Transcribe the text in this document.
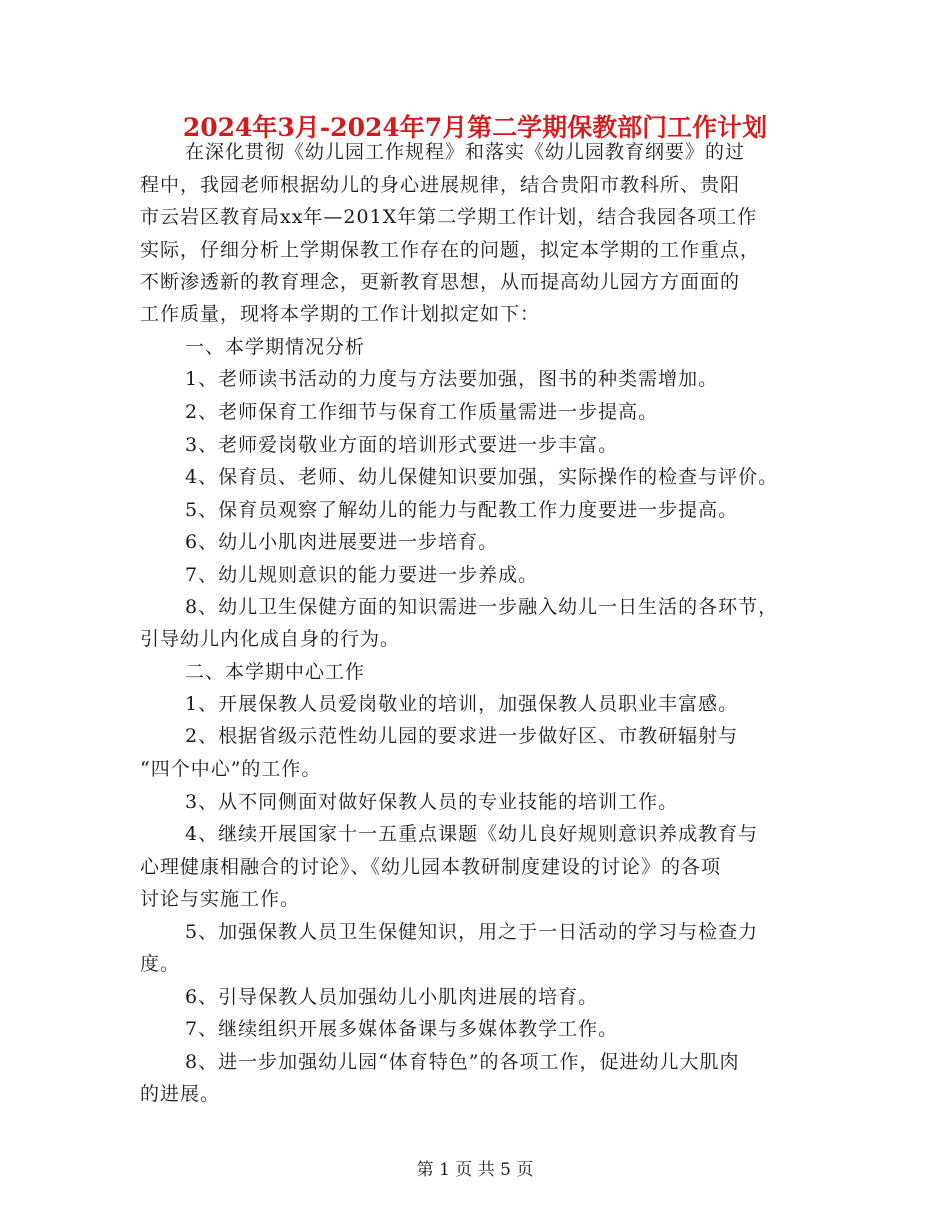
2024年3月-2024年7月第二学期保教部门工作计划
在深化贯彻《幼儿园工作规程》和落实《幼儿园教育纲要》的过
程中，我园老师根据幼儿的身心进展规律，结合贵阳市教科所、贵阳
市云岩区教育局xx年—201X年第二学期工作计划，结合我园各项工作
实际，仔细分析上学期保教工作存在的问题，拟定本学期的工作重点，
不断渗透新的教育理念，更新教育思想，从而提高幼儿园方方面面的
工作质量，现将本学期的工作计划拟定如下：
一、本学期情况分析
1、老师读书活动的力度与方法要加强，图书的种类需增加。
2、老师保育工作细节与保育工作质量需进一步提高。
3、老师爱岗敬业方面的培训形式要进一步丰富。
4、保育员、老师、幼儿保健知识要加强，实际操作的检查与评价。
5、保育员观察了解幼儿的能力与配教工作力度要进一步提高。
6、幼儿小肌肉进展要进一步培育。
7、幼儿规则意识的能力要进一步养成。
8、幼儿卫生保健方面的知识需进一步融入幼儿一日生活的各环节，
引导幼儿内化成自身的行为。
二、本学期中心工作
1、开展保教人员爱岗敬业的培训，加强保教人员职业丰富感。
2、根据省级示范性幼儿园的要求进一步做好区、市教研辐射与
“四个中心”的工作。
3、从不同侧面对做好保教人员的专业技能的培训工作。
4、继续开展国家十一五重点课题《幼儿良好规则意识养成教育与
心理健康相融合的讨论》、《幼儿园本教研制度建设的讨论》的各项
讨论与实施工作。
5、加强保教人员卫生保健知识，用之于一日活动的学习与检查力
度。
6、引导保教人员加强幼儿小肌肉进展的培育。
7、继续组织开展多媒体备课与多媒体教学工作。
8、进一步加强幼儿园“体育特色”的各项工作，促进幼儿大肌肉
的进展。
第 1 页 共 5 页
